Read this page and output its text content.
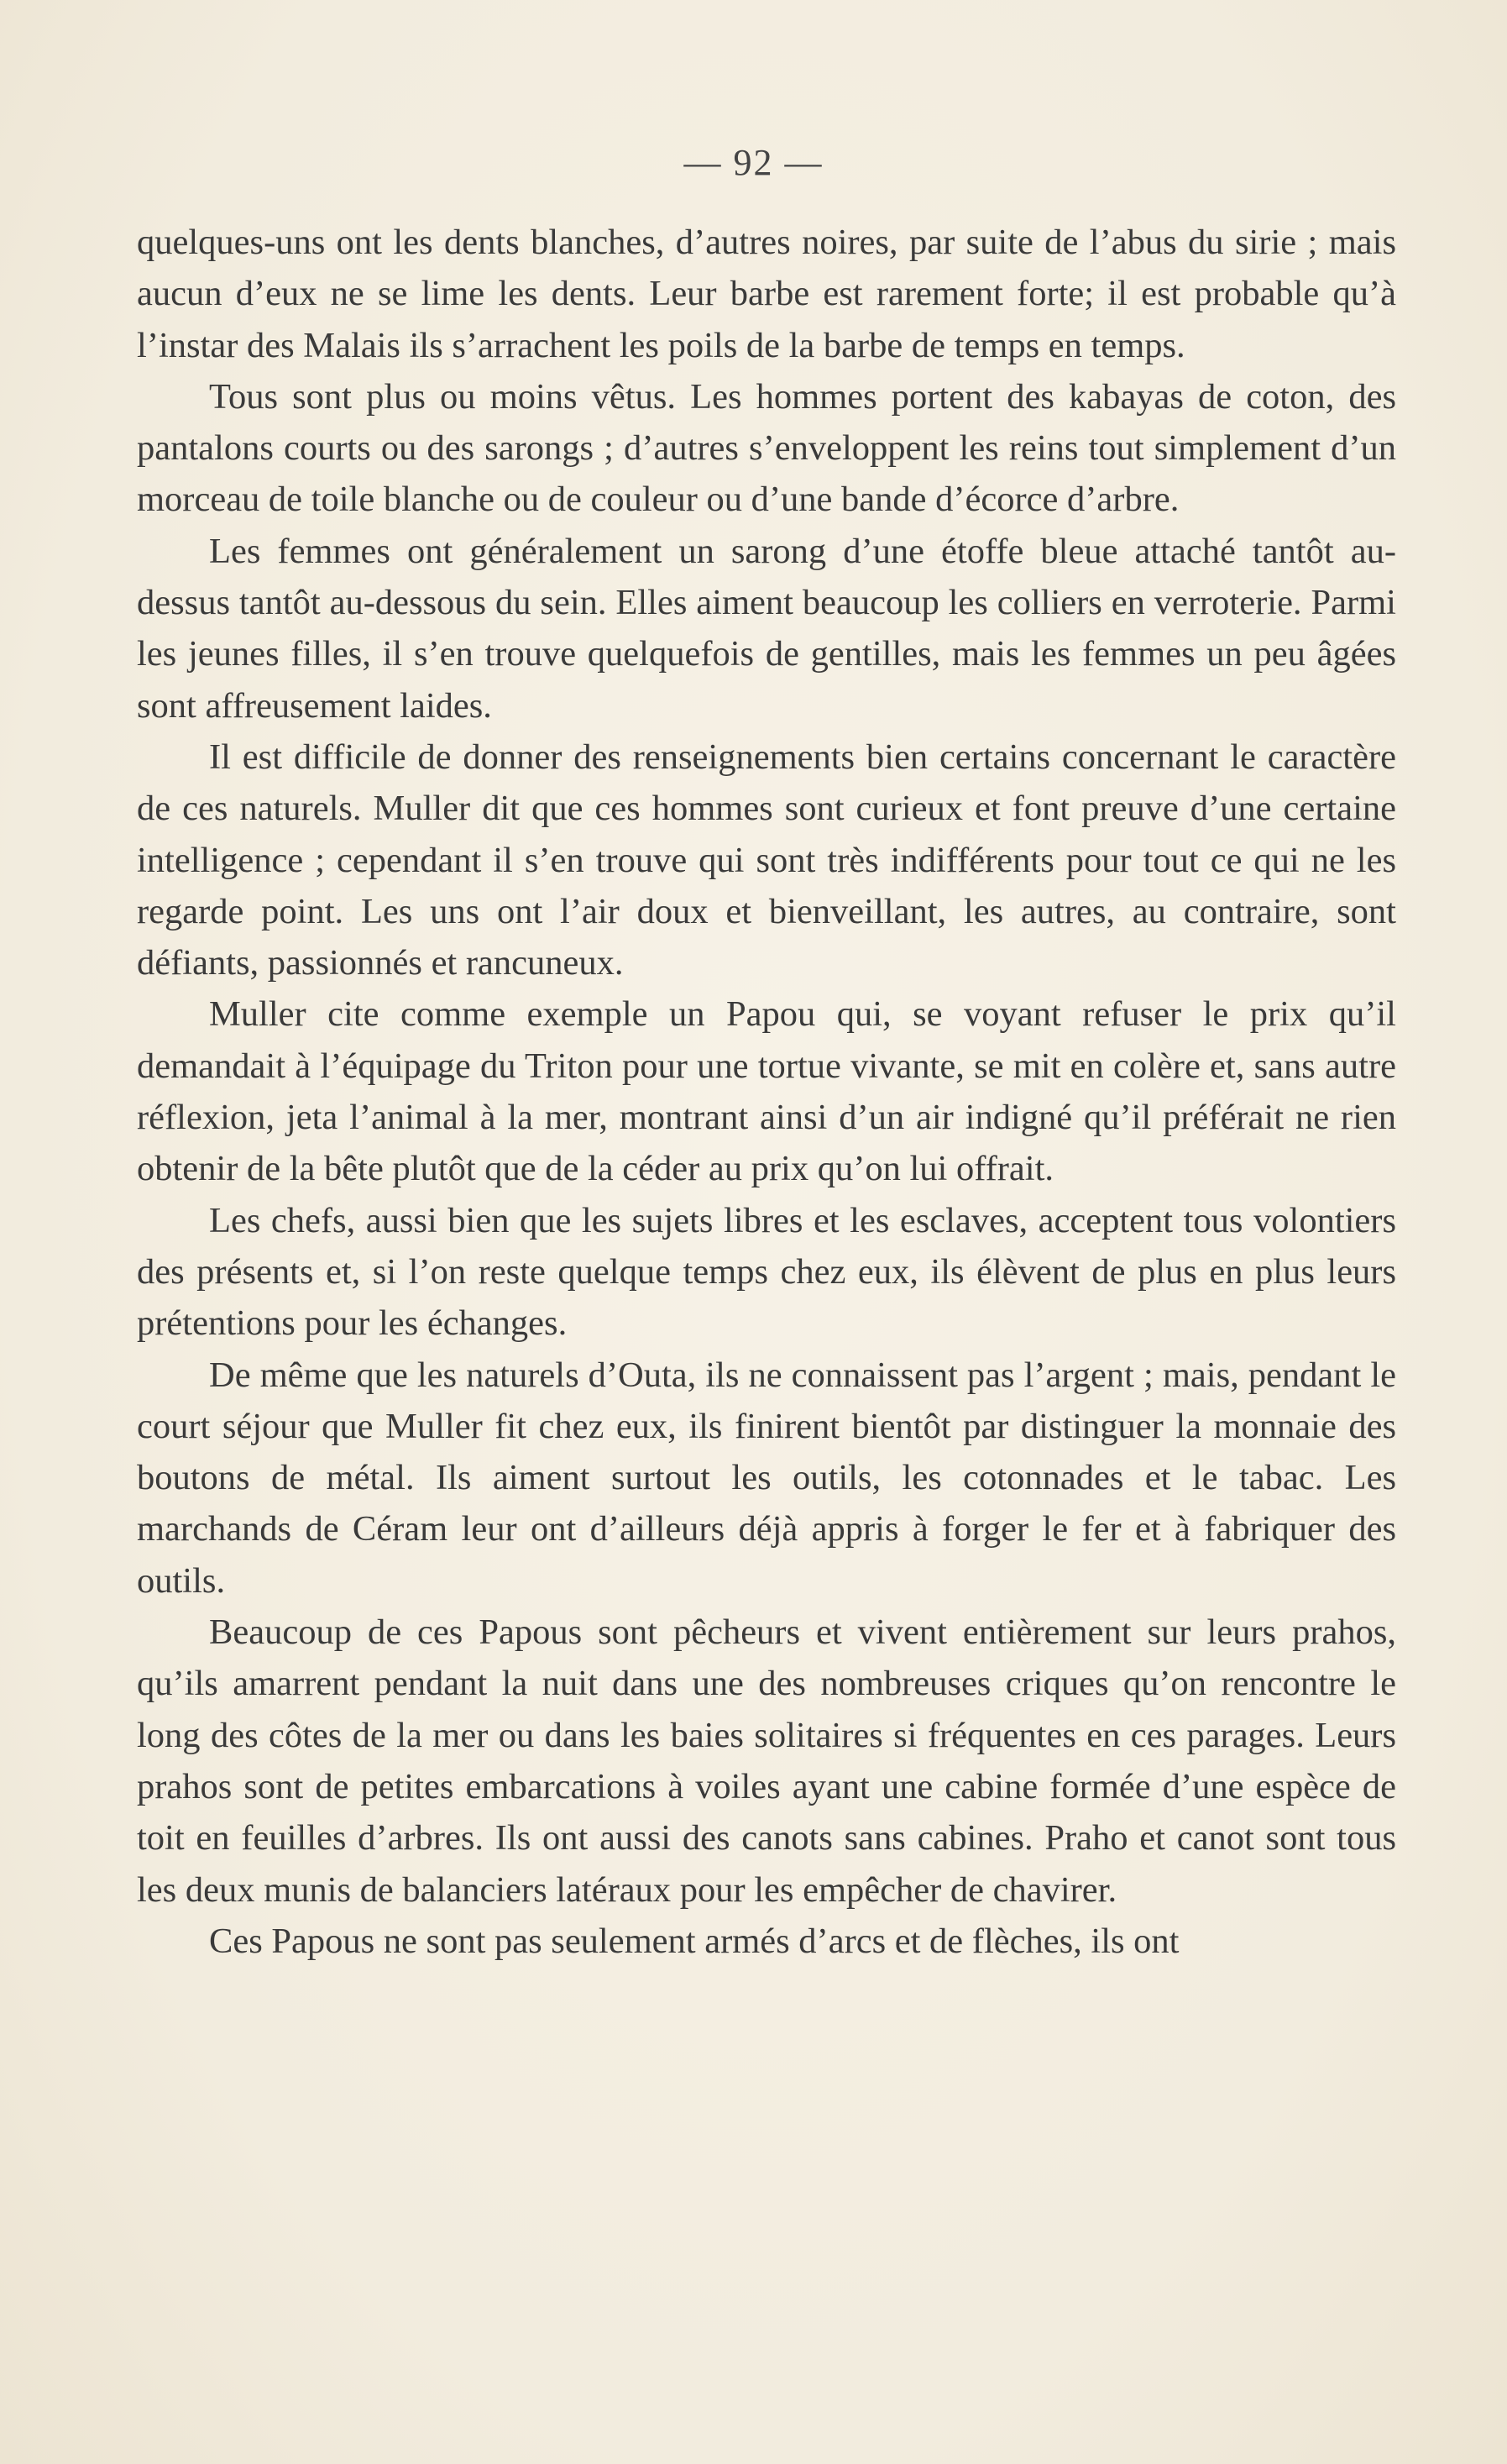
— 92 —

quelques-uns ont les dents blanches, d’autres noires, par suite de l’abus du sirie ; mais aucun d’eux ne se lime les dents. Leur barbe est rarement forte; il est probable qu’à l’instar des Malais ils s’arrachent les poils de la barbe de temps en temps.

Tous sont plus ou moins vêtus. Les hommes portent des kabayas de coton, des pantalons courts ou des sarongs ; d’autres s’enveloppent les reins tout simplement d’un morceau de toile blanche ou de couleur ou d’une bande d’écorce d’arbre.

Les femmes ont généralement un sarong d’une étoffe bleue attaché tantôt au-dessus tantôt au-dessous du sein. Elles aiment beaucoup les colliers en verroterie. Parmi les jeunes filles, il s’en trouve quelquefois de gentilles, mais les femmes un peu âgées sont affreusement laides.

Il est difficile de donner des renseignements bien certains concernant le caractère de ces naturels. Muller dit que ces hommes sont curieux et font preuve d’une certaine intelligence ; cependant il s’en trouve qui sont très indifférents pour tout ce qui ne les regarde point. Les uns ont l’air doux et bienveillant, les autres, au contraire, sont défiants, passionnés et rancuneux.

Muller cite comme exemple un Papou qui, se voyant refuser le prix qu’il demandait à l’équipage du Triton pour une tortue vivante, se mit en colère et, sans autre réflexion, jeta l’animal à la mer, montrant ainsi d’un air indigné qu’il préférait ne rien obtenir de la bête plutôt que de la céder au prix qu’on lui offrait.

Les chefs, aussi bien que les sujets libres et les esclaves, acceptent tous volontiers des présents et, si l’on reste quelque temps chez eux, ils élèvent de plus en plus leurs prétentions pour les échanges.

De même que les naturels d’Outa, ils ne connaissent pas l’argent ; mais, pendant le court séjour que Muller fit chez eux, ils finirent bientôt par distinguer la monnaie des boutons de métal. Ils aiment surtout les outils, les cotonnades et le tabac. Les marchands de Céram leur ont d’ailleurs déjà appris à forger le fer et à fabriquer des outils.

Beaucoup de ces Papous sont pêcheurs et vivent entièrement sur leurs prahos, qu’ils amarrent pendant la nuit dans une des nombreuses criques qu’on rencontre le long des côtes de la mer ou dans les baies solitaires si fréquentes en ces parages. Leurs prahos sont de petites embarcations à voiles ayant une cabine formée d’une espèce de toit en feuilles d’arbres. Ils ont aussi des canots sans cabines. Praho et canot sont tous les deux munis de balanciers latéraux pour les empêcher de chavirer.

Ces Papous ne sont pas seulement armés d’arcs et de flèches, ils ont
